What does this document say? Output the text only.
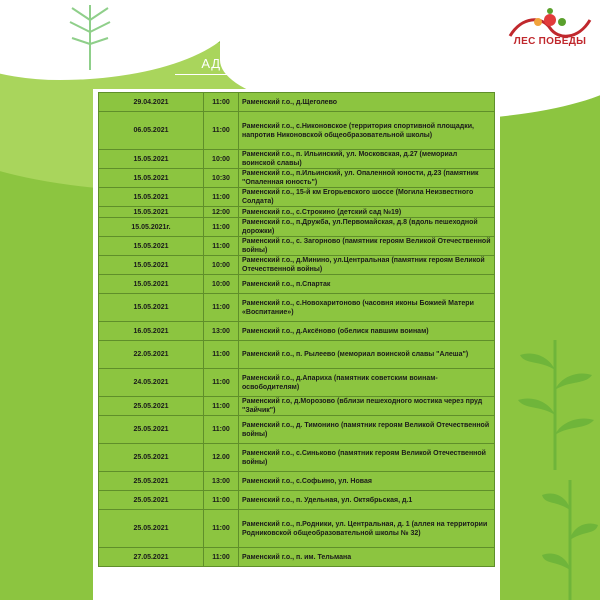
ЛЕС ПОБЕДЫ
АДРЕСА ПЛОЩАДОК АКЦИИ
29.04.2021	11:00	Раменский г.о., д.Щеголево
06.05.2021	11:00	Раменский г.о., с.Никоновское (территория спортивной площадки, напротив Никоновской общеобразовательной школы)
15.05.2021	10:00	Раменский г.о., п. Ильинский, ул. Московская, д.27 (мемориал воинской славы)
15.05.2021	10:30	Раменский г.о., п.Ильинский, ул. Опаленной юности, д.23 (памятник "Опаленная юность")
15.05.2021	11:00	Раменский г.о., 15-й км Егорьевского шоссе (Могила Неизвестного Солдата)
15.05.2021	12:00	Раменский г.о., с.Строкино (детский сад №19)
15.05.2021г.	11:00	Раменский г.о., п.Дружба, ул.Первомайская, д.8 (вдоль пешеходной дорожки)
15.05.2021	11:00	Раменский г.о., с. Загорново (памятник героям Великой Отечественной войны)
15.05.2021	10:00	Раменский г.о., д.Минино, ул.Центральная (памятник героям Великой Отечественной войны)
15.05.2021	10:00	Раменский г.о., п.Спартак
15.05.2021	11:00	Раменский г.о., с.Новохаритоново (часовня иконы Божией Матери «Воспитание»)
16.05.2021	13:00	Раменский г.о., д.Аксёново (обелиск павшим воинам)
22.05.2021	11:00	Раменский г.о., п. Рылеево (мемориал воинской славы "Алеша")
24.05.2021	11:00	Раменский г.о., д.Апариха (памятник советским воинам-освободителям)
25.05.2021	11:00	Раменский г.о, д.Морозово (вблизи пешеходного мостика через пруд "Зайчик")
25.05.2021	11:00	Раменский г.о., д. Тимонино (памятник героям Великой Отечественной войны)
25.05.2021	12.00	Раменский г.о., с.Синьково (памятник героям Великой Отечественной войны)
25.05.2021	13:00	Раменский г.о., с.Софьино, ул. Новая
25.05.2021	11:00	Раменский г.о., п. Удельная, ул. Октябрьская, д.1
25.05.2021	11:00	Раменский г.о., п.Родники, ул. Центральная, д. 1 (аллея на территории Родниковской общеобразовательной школы № 32)
27.05.2021	11:00	Раменский г.о., п. им. Тельмана
